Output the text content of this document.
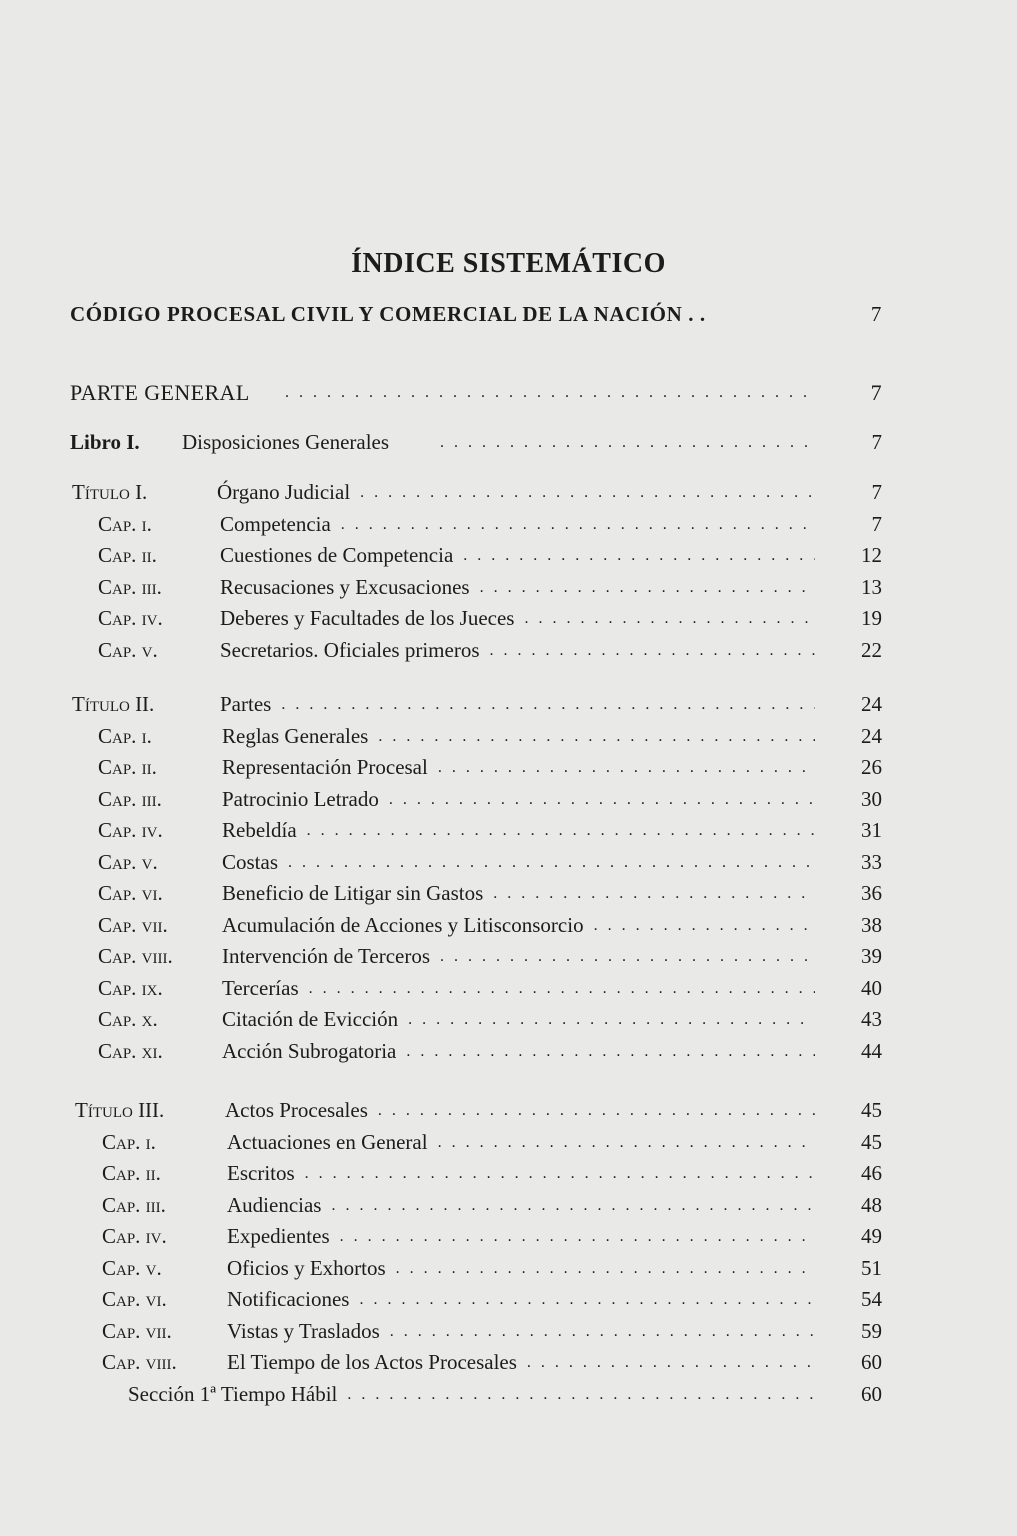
ÍNDICE SISTEMÁTICO
CÓDIGO PROCESAL CIVIL Y COMERCIAL DE LA NACIÓN . .	7
PARTE GENERAL . . .	7
Libro I. Disposiciones Generales . . .	7
Título I.	Órgano Judicial . . .	7
Cap. i.	Competencia . . .	7
Cap. ii.	Cuestiones de Competencia . . .	12
Cap. iii.	Recusaciones y Excusaciones . . .	13
Cap. iv.	Deberes y Facultades de los Jueces . . .	19
Cap. v.	Secretarios. Oficiales primeros . . .	22
Título II.	Partes . . .	24
Cap. i.	Reglas Generales . . .	24
Cap. ii.	Representación Procesal . . .	26
Cap. iii.	Patrocinio Letrado . . .	30
Cap. iv.	Rebeldía . . .	31
Cap. v.	Costas . . .	33
Cap. vi.	Beneficio de Litigar sin Gastos . . .	36
Cap. vii.	Acumulación de Acciones y Litisconsorcio . . .	38
Cap. viii. Intervención de Terceros . . .	39
Cap. ix.	Tercerías . . .	40
Cap. x.	Citación de Evicción . . .	43
Cap. xi.	Acción Subrogatoria . . .	44
Título III.	Actos Procesales . . .	45
Cap. i.	Actuaciones en General . . .	45
Cap. ii.	Escritos . . .	46
Cap. iii.	Audiencias . . .	48
Cap. iv.	Expedientes . . .	49
Cap. v.	Oficios y Exhortos . . .	51
Cap. vi.	Notificaciones . . .	54
Cap. vii.	Vistas y Traslados . . .	59
Cap. viii. El Tiempo de los Actos Procesales . . .	60
Sección 1ª Tiempo Hábil . . .	60
